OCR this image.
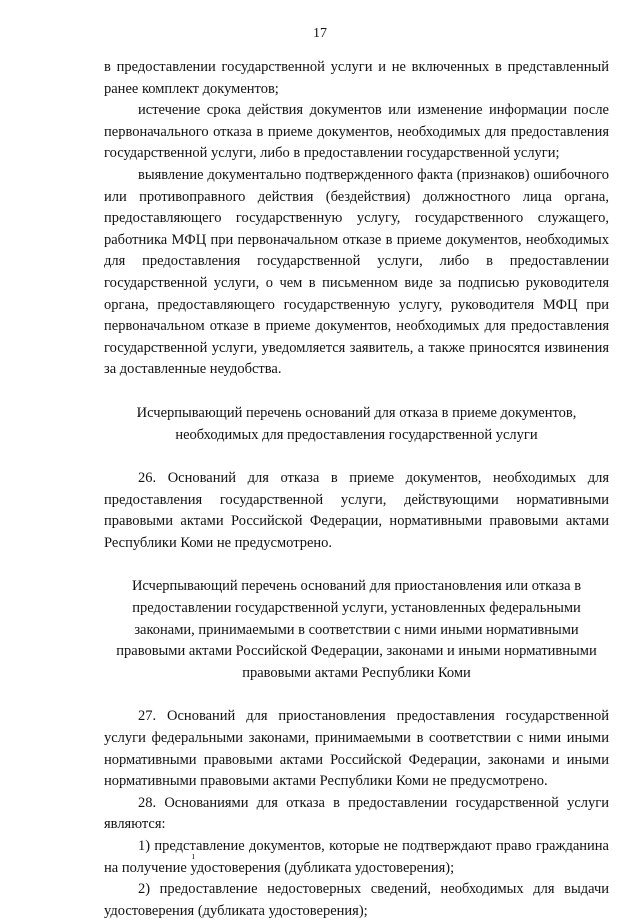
17

в предоставлении государственной услуги и не включенных в представленный ранее комплект документов;

истечение срока действия документов или изменение информации после первоначального отказа в приеме документов, необходимых для предоставления государственной услуги, либо в предоставлении государственной услуги;

выявление документально подтвержденного факта (признаков) ошибочного или противоправного действия (бездействия) должностного лица органа, предоставляющего государственную услугу, государственного служащего, работника МФЦ при первоначальном отказе в приеме документов, необходимых для предоставления государственной услуги, либо в предоставлении государственной услуги, о чем в письменном виде за подписью руководителя органа, предоставляющего государственную услугу, руководителя МФЦ при первоначальном отказе в приеме документов, необходимых для предоставления государственной услуги, уведомляется заявитель, а также приносятся извинения за доставленные неудобства.

Исчерпывающий перечень оснований для отказа в приеме документов, необходимых для предоставления государственной услуги

26. Оснований для отказа в приеме документов, необходимых для предоставления государственной услуги, действующими нормативными правовыми актами Российской Федерации, нормативными правовыми актами Республики Коми не предусмотрено.

Исчерпывающий перечень оснований для приостановления или отказа в предоставлении государственной услуги, установленных федеральными законами, принимаемыми в соответствии с ними иными нормативными правовыми актами Российской Федерации, законами и иными нормативными правовыми актами Республики Коми

27. Оснований для приостановления предоставления государственной услуги федеральными законами, принимаемыми в соответствии с ними иными нормативными правовыми актами Российской Федерации, законами и иными нормативными правовыми актами Республики Коми не предусмотрено.

28. Основаниями для отказа в предоставлении государственной услуги являются:

1) представление документов, которые не подтверждают право гражданина на получение удостоверения (дубликата удостоверения);

2) предоставление недостоверных сведений, необходимых для выдачи удостоверения (дубликата удостоверения);

ı
